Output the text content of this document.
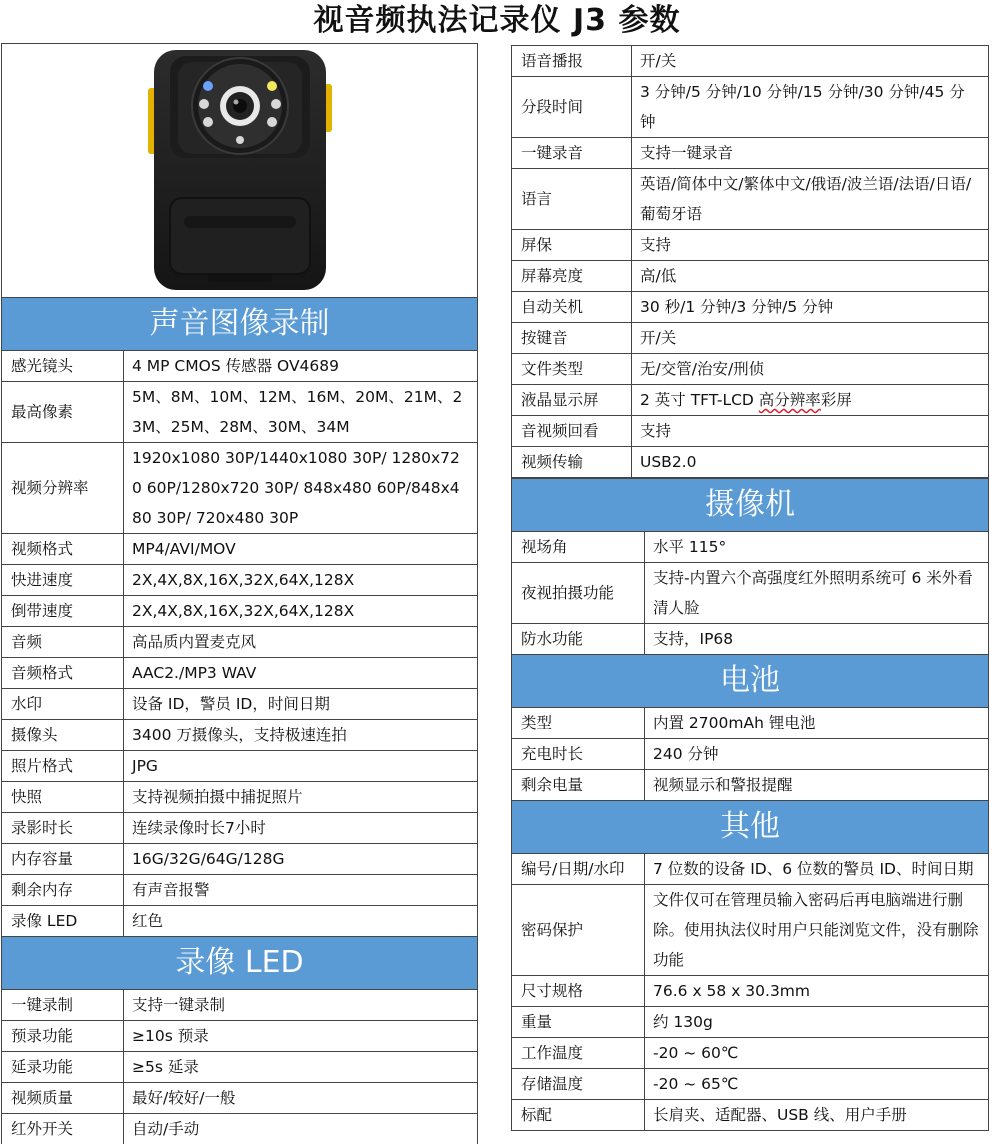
视音频执法记录仪 J3 参数

声音图像录制	
感光镜头	4 MP CMOS 传感器 OV4689
最高像素	5M、8M、10M、12M、16M、20M、21M、23M、25M、28M、30M、34M
视频分辨率	1920x1080 30P/1440x1080 30P/ 1280x720 60P/1280x720 30P/ 848x480 60P/848x480 30P/ 720x480 30P
视频格式	MP4/AVI/MOV
快进速度	2X,4X,8X,16X,32X,64X,128X
倒带速度	2X,4X,8X,16X,32X,64X,128X
音频	高品质内置麦克风
音频格式	AAC2./MP3 WAV
水印	设备 ID，警员 ID，时间日期
摄像头	3400 万摄像头，支持极速连拍
照片格式	JPG
快照	支持视频拍摄中捕捉照片
录影时长	连续录像时长7小时
内存容量	16G/32G/64G/128G
剩余内存	有声音报警
录像 LED	红色
录像 LED	
一键录制	支持一键录制
预录功能	≥10s 预录
延录功能	≥5s 延录
视频质量	最好/较好/一般
红外开关	自动/手动
语音播报	开/关
分段时间	3 分钟/5 分钟/10 分钟/15 分钟/30 分钟/45 分钟
一键录音	支持一键录音
语言	英语/简体中文/繁体中文/俄语/波兰语/法语/日语/葡萄牙语
屏保	支持
屏幕亮度	高/低
自动关机	30 秒/1 分钟/3 分钟/5 分钟
按键音	开/关
文件类型	无/交管/治安/刑侦
液晶显示屏	2 英寸 TFT-LCD 高分辨率彩屏
音视频回看	支持
视频传输	USB2.0
摄像机	
视场角	水平 115°
夜视拍摄功能	支持-内置六个高强度红外照明系统可 6 米外看清人脸
防水功能	支持，IP68
电池	
类型	内置 2700mAh 锂电池
充电时长	240 分钟
剩余电量	视频显示和警报提醒
其他	
编号/日期/水印	7 位数的设备 ID、6 位数的警员 ID、时间日期
密码保护	文件仅可在管理员输入密码后再电脑端进行删除。使用执法仪时用户只能浏览文件，没有删除功能
尺寸规格	76.6 x 58 x 30.3mm
重量	约 130g
工作温度	-20 ~ 60℃
存储温度	-20 ~ 65℃
标配	长肩夹、适配器、USB 线、用户手册
